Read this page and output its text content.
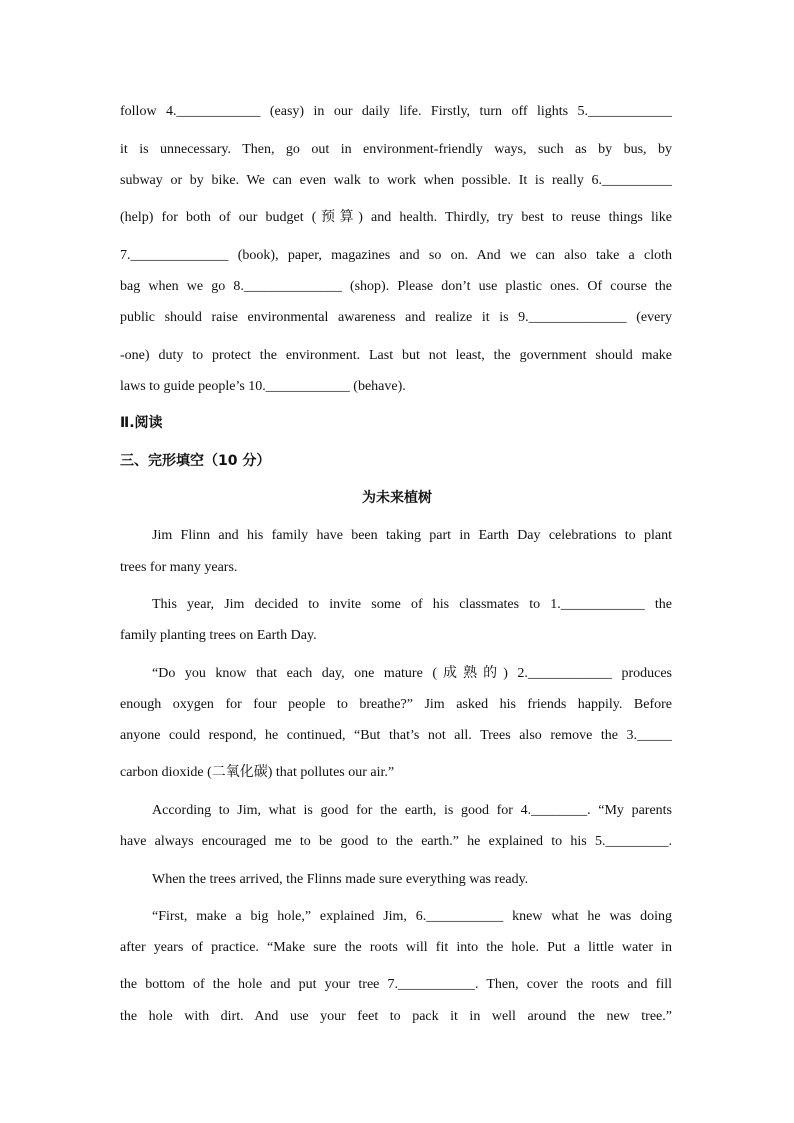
follow 4.____________ (easy) in our daily life. Firstly, turn off lights 5.____________
it is unnecessary. Then, go out in environment-friendly ways, such as by bus, by
subway or by bike. We can even walk to work when possible. It is really 6.__________
(help) for both of our budget (预算) and health. Thirdly, try best to reuse things like
7.______________ (book), paper, magazines and so on. And we can also take a cloth
bag when we go 8.______________ (shop). Please don’t use plastic ones. Of course the
public should raise environmental awareness and realize it is 9.______________ (every
-one) duty to protect the environment. Last but not least, the government should make
laws to guide people’s 10.____________ (behave).
Ⅱ.阅读
三、完形填空（10 分）
为未来植树
Jim Flinn and his family have been taking part in Earth Day celebrations to plant
trees for many years.
This year, Jim decided to invite some of his classmates to 1.____________ the
family planting trees on Earth Day.
“Do you know that each day, one mature (成熟的) 2.____________ produces
enough oxygen for four people to breathe?” Jim asked his friends happily. Before
anyone could respond, he continued, “But that’s not all. Trees also remove the 3._____
carbon dioxide (二氧化碳) that pollutes our air.”
According to Jim, what is good for the earth, is good for 4.________. “My parents
have always encouraged me to be good to the earth.” he explained to his 5._________.
When the trees arrived, the Flinns made sure everything was ready.
“First, make a big hole,” explained Jim, 6.___________ knew what he was doing
after years of practice. “Make sure the roots will fit into the hole. Put a little water in
the bottom of the hole and put your tree 7.___________. Then, cover the roots and fill
the hole with dirt. And use your feet to pack it in well around the new tree.”
